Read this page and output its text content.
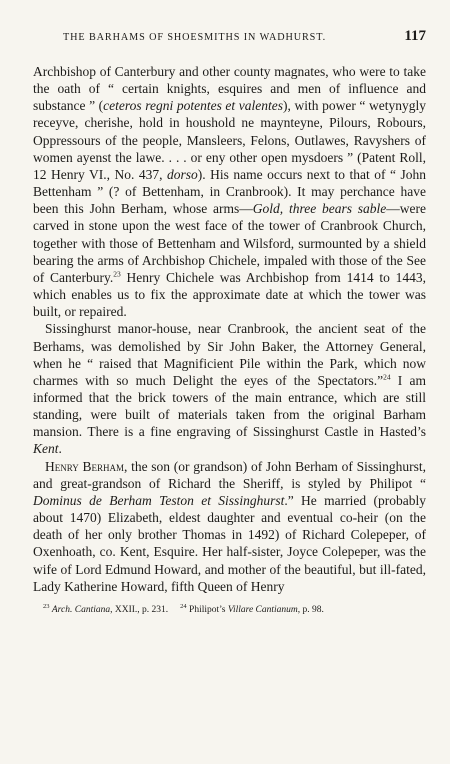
THE BARHAMS OF SHOESMITHS IN WADHURST.	117

Archbishop of Canterbury and other county magnates, who were to take the oath of “ certain knights, esquires and men of influence and substance ” (ceteros regni potentes et valentes), with power “ wetynygly receyve, cherishe, hold in houshold ne maynteyne, Pilours, Robours, Oppressours of the people, Mansleers, Felons, Outlawes, Ravyshers of women ayenst the lawe. . . . or eny other open mysdoers ” (Patent Roll, 12 Henry VI., No. 437, dorso). His name occurs next to that of “ John Bettenham ” (? of Bettenham, in Cranbrook). It may perchance have been this John Berham, whose arms—Gold, three bears sable—were carved in stone upon the west face of the tower of Cranbrook Church, together with those of Bettenham and Wilsford, surmounted by a shield bearing the arms of Archbishop Chichele, impaled with those of the See of Canterbury.$^{23}$ Henry Chichele was Archbishop from 1414 to 1443, which enables us to fix the approximate date at which the tower was built, or repaired.

Sissinghurst manor-house, near Cranbrook, the ancient seat of the Berhams, was demolished by Sir John Baker, the Attorney General, when he “ raised that Magnificient Pile within the Park, which now charmes with so much Delight the eyes of the Spectators.”$^{24}$ I am informed that the brick towers of the main entrance, which are still standing, were built of materials taken from the original Barham mansion. There is a fine engraving of Sissinghurst Castle in Hasted’s Kent.

Henry Berham, the son (or grandson) of John Berham of Sissinghurst, and great-grandson of Richard the Sheriff, is styled by Philipot “ Dominus de Berham Teston et Sissinghurst.” He married (probably about 1470) Elizabeth, eldest daughter and eventual co-heir (on the death of her only brother Thomas in 1492) of Richard Colepeper, of Oxenhoath, co. Kent, Esquire. Her half-sister, Joyce Colepeper, was the wife of Lord Edmund Howard, and mother of the beautiful, but ill-fated, Lady Katherine Howard, fifth Queen of Henry

$^{23}$ Arch. Cantiana, XXII., p. 231. $^{24}$ Philipot’s Villare Cantianum, p. 98.
